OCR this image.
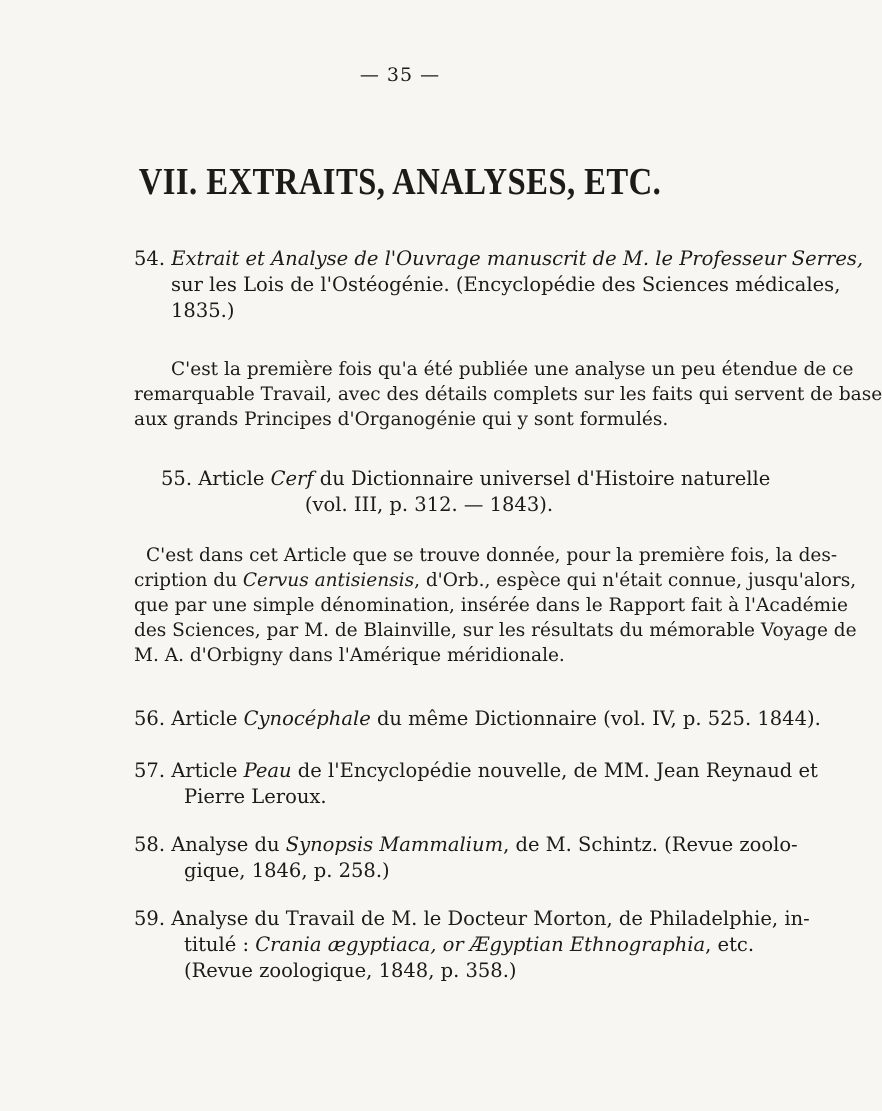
— 35 —
VII. EXTRAITS, ANALYSES, ETC.
54. Extrait et Analyse de l'Ouvrage manuscrit de M. le Professeur Serres,
sur les Lois de l'Ostéogénie. (Encyclopédie des Sciences médicales,
1835.)
C'est la première fois qu'a été publiée une analyse un peu étendue de ce
remarquable Travail, avec des détails complets sur les faits qui servent de base
aux grands Principes d'Organogénie qui y sont formulés.
55. Article Cerf du Dictionnaire universel d'Histoire naturelle
(vol. III, p. 312. — 1843).
C'est dans cet Article que se trouve donnée, pour la première fois, la des-
cription du Cervus antisiensis, d'Orb., espèce qui n'était connue, jusqu'alors,
que par une simple dénomination, insérée dans le Rapport fait à l'Académie
des Sciences, par M. de Blainville, sur les résultats du mémorable Voyage de
M. A. d'Orbigny dans l'Amérique méridionale.
56. Article Cynocéphale du même Dictionnaire (vol. IV, p. 525. 1844).
57. Article Peau de l'Encyclopédie nouvelle, de MM. Jean Reynaud et
Pierre Leroux.
58. Analyse du Synopsis Mammalium, de M. Schintz. (Revue zoolo-
gique, 1846, p. 258.)
59. Analyse du Travail de M. le Docteur Morton, de Philadelphie, in-
titulé : Crania ægyptiaca, or Ægyptian Ethnographia, etc.
(Revue zoologique, 1848, p. 358.)
